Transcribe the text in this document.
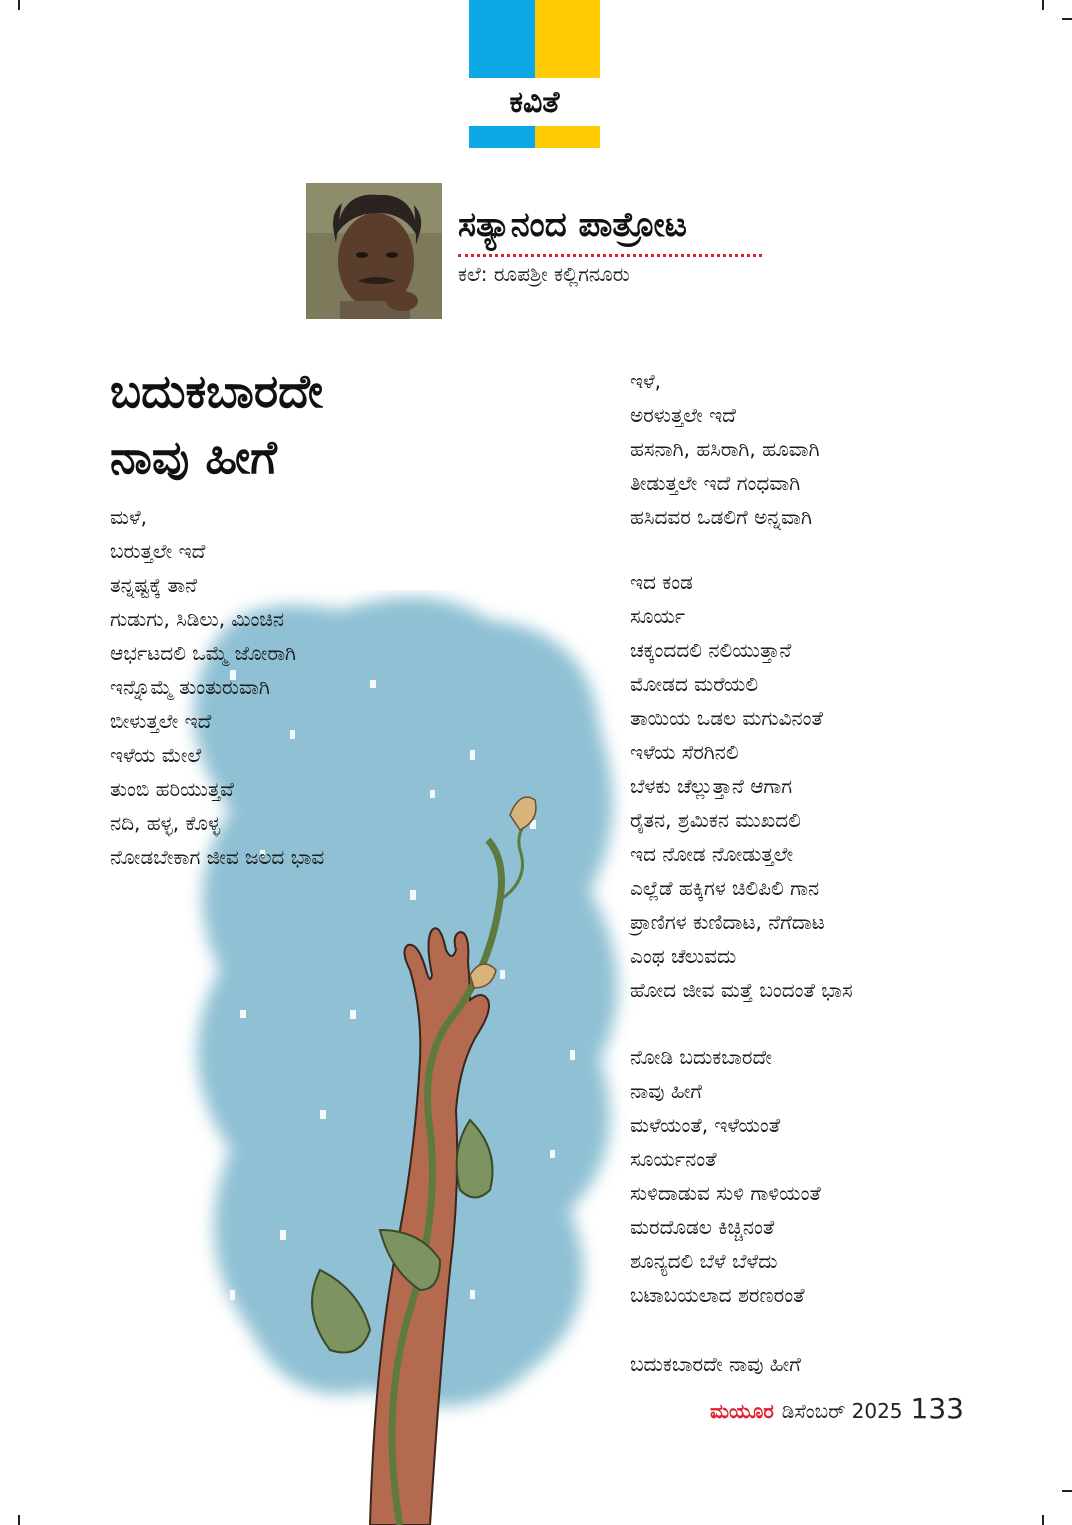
ಕವಿತೆ
ಸತ್ಯಾನಂದ ಪಾತ್ರೋಟ
ಕಲೆ: ರೂಪಶ್ರೀ ಕಲ್ಲಿಗನೂರು
ಬದುಕಬಾರದೇ
ನಾವು ಹೀಗೆ
ಮಳೆ,
ಬರುತ್ತಲೇ ಇದೆ
ತನ್ನಷ್ಟಕ್ಕೆ ತಾನೆ
ಗುಡುಗು, ಸಿಡಿಲು, ಮಿಂಚಿನ
ಆರ್ಭಟದಲಿ ಒಮ್ಮೆ ಜೋರಾಗಿ
ಇನ್ನೊಮ್ಮೆ ತುಂತುರುವಾಗಿ
ಬೀಳುತ್ತಲೇ ಇದೆ
ಇಳೆಯ ಮೇಲೆ
ತುಂಬಿ ಹರಿಯುತ್ತವೆ
ನದಿ, ಹಳ್ಳ, ಕೊಳ್ಳ
ನೋಡಬೇಕಾಗ ಜೀವ ಜಲದ ಭಾವ
ಇಳೆ,
ಅರಳುತ್ತಲೇ ಇದೆ
ಹಸನಾಗಿ, ಹಸಿರಾಗಿ, ಹೂವಾಗಿ
ತೀಡುತ್ತಲೇ ಇದೆ ಗಂಧವಾಗಿ
ಹಸಿದವರ ಒಡಲಿಗೆ ಅನ್ನವಾಗಿ
ಇದ ಕಂಡ
ಸೂರ್ಯ
ಚಕ್ಕಂದದಲಿ ನಲಿಯುತ್ತಾನೆ
ಮೋಡದ ಮರೆಯಲಿ
ತಾಯಿಯ ಒಡಲ ಮಗುವಿನಂತೆ
ಇಳೆಯ ಸೆರಗಿನಲಿ
ಬೆಳಕು ಚೆಲ್ಲುತ್ತಾನೆ ಆಗಾಗ
ರೈತನ, ಶ್ರಮಿಕನ ಮುಖದಲಿ
ಇದ ನೋಡ ನೋಡುತ್ತಲೇ
ಎಲ್ಲೆಡೆ ಹಕ್ಕಿಗಳ ಚಿಲಿಪಿಲಿ ಗಾನ
ಪ್ರಾಣಿಗಳ ಕುಣಿದಾಟ, ನೆಗೆದಾಟ
ಎಂಥ ಚೆಲುವದು
ಹೋದ ಜೀವ ಮತ್ತೆ ಬಂದಂತೆ ಭಾಸ
ನೋಡಿ ಬದುಕಬಾರದೇ
ನಾವು ಹೀಗೆ
ಮಳೆಯಂತೆ, ಇಳೆಯಂತೆ
ಸೂರ್ಯನಂತೆ
ಸುಳಿದಾಡುವ ಸುಳಿ ಗಾಳಿಯಂತೆ
ಮರದೊಡಲ ಕಿಚ್ಚಿನಂತೆ
ಶೂನ್ಯದಲಿ ಬೆಳೆ ಬೆಳೆದು
ಬಟಾಬಯಲಾದ ಶರಣರಂತೆ
ಬದುಕಬಾರದೇ ನಾವು ಹೀಗೆ
ಮಯೂರ ಡಿಸೆಂಬರ್ 2025 133
